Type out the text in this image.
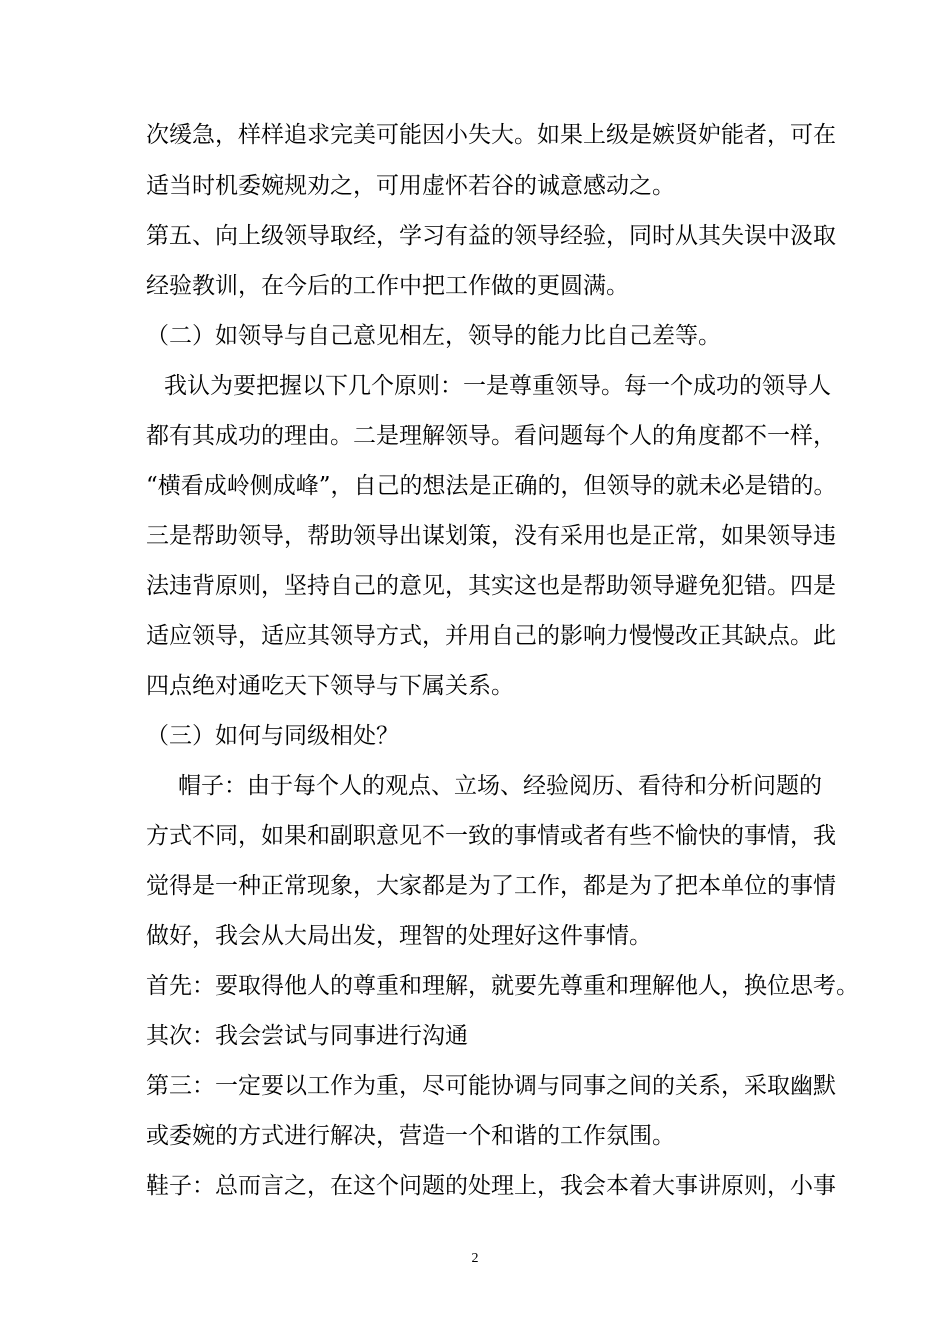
次缓急，样样追求完美可能因小失大。如果上级是嫉贤妒能者，可在
适当时机委婉规劝之，可用虚怀若谷的诚意感动之。
第五、向上级领导取经，学习有益的领导经验，同时从其失误中汲取
经验教训，在今后的工作中把工作做的更圆满。
（二）如领导与自己意见相左，领导的能力比自己差等。
我认为要把握以下几个原则：一是尊重领导。每一个成功的领导人
都有其成功的理由。二是理解领导。看问题每个人的角度都不一样，
“横看成岭侧成峰”，自己的想法是正确的，但领导的就未必是错的。
三是帮助领导，帮助领导出谋划策，没有采用也是正常，如果领导违
法违背原则，坚持自己的意见，其实这也是帮助领导避免犯错。四是
适应领导，适应其领导方式，并用自己的影响力慢慢改正其缺点。此
四点绝对通吃天下领导与下属关系。
（三）如何与同级相处？
帽子：由于每个人的观点、立场、经验阅历、看待和分析问题的
方式不同，如果和副职意见不一致的事情或者有些不愉快的事情，我
觉得是一种正常现象，大家都是为了工作，都是为了把本单位的事情
做好，我会从大局出发，理智的处理好这件事情。
首先：要取得他人的尊重和理解，就要先尊重和理解他人，换位思考。
其次：我会尝试与同事进行沟通
第三：一定要以工作为重，尽可能协调与同事之间的关系，采取幽默
或委婉的方式进行解决，营造一个和谐的工作氛围。
鞋子：总而言之，在这个问题的处理上，我会本着大事讲原则，小事
2
